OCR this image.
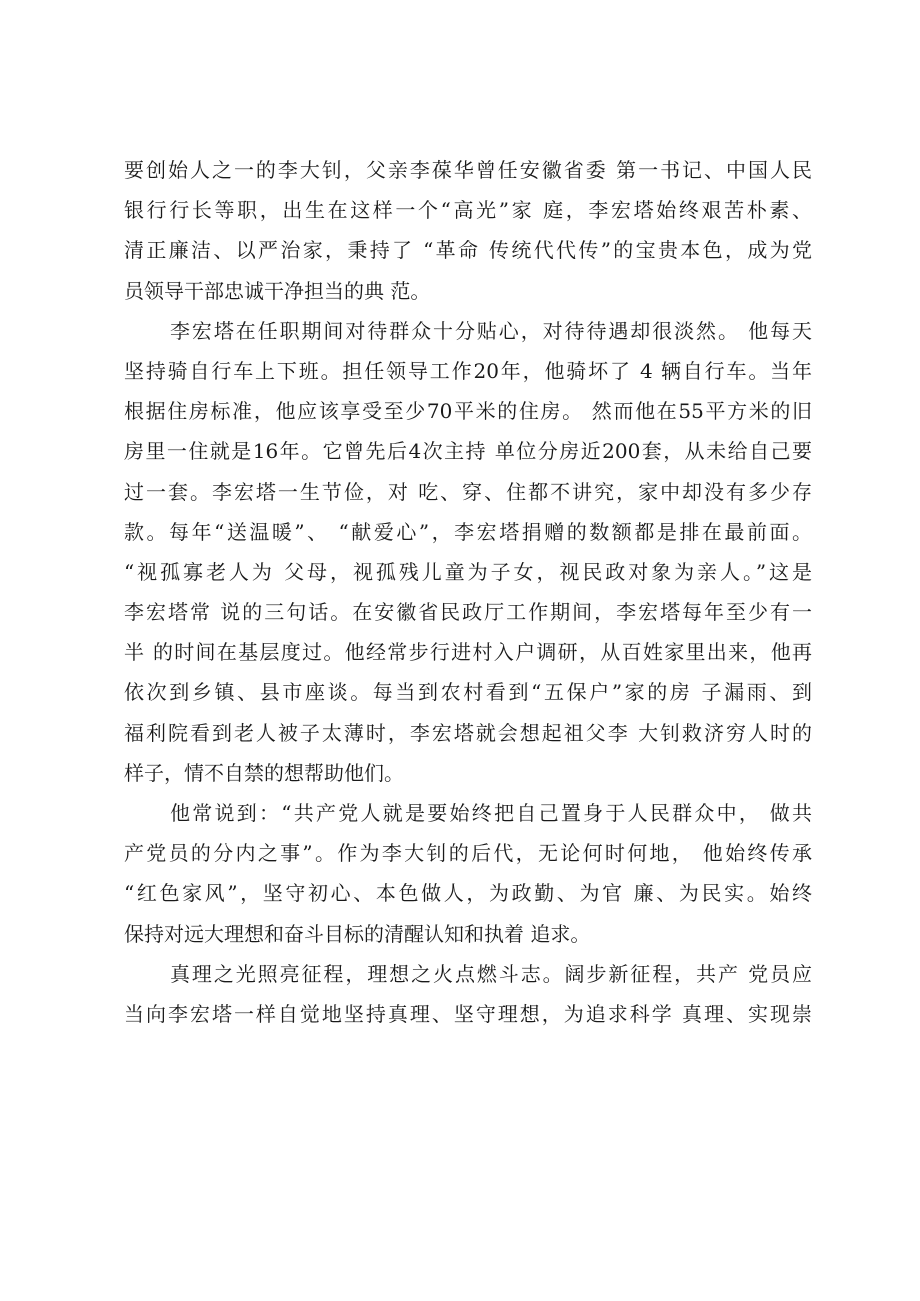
要创始人之一的李大钊，父亲李葆华曾任安徽省委 第一书记、中国人民
银行行长等职，出生在这样一个“高光”家 庭，李宏塔始终艰苦朴素、
清正廉洁、以严治家，秉持了 “革命 传统代代传”的宝贵本色，成为党
员领导干部忠诚干净担当的典 范。
李宏塔在任职期间对待群众十分贴心，对待待遇却很淡然。 他每天
坚持骑自行车上下班。担任领导工作20年，他骑坏了 4 辆自行车。当年
根据住房标准，他应该享受至少70平米的住房。 然而他在55平方米的旧
房里一住就是16年。它曾先后4次主持 单位分房近200套，从未给自己要
过一套。李宏塔一生节俭，对 吃、穿、住都不讲究，家中却没有多少存
款。每年“送温暖”、 “献爱心”，李宏塔捐赠的数额都是排在最前面。
“视孤寡老人为 父母，视孤残儿童为子女，视民政对象为亲人。”这是
李宏塔常 说的三句话。在安徽省民政厅工作期间，李宏塔每年至少有一
半 的时间在基层度过。他经常步行进村入户调研，从百姓家里出来，他再
依次到乡镇、县市座谈。每当到农村看到“五保户”家的房 子漏雨、到
福利院看到老人被子太薄时，李宏塔就会想起祖父李 大钊救济穷人时的
样子，情不自禁的想帮助他们。
他常说到：“共产党人就是要始终把自己置身于人民群众中， 做共
产党员的分内之事”。作为李大钊的后代，无论何时何地， 他始终传承
“红色家风”，坚守初心、本色做人，为政勤、为官 廉、为民实。始终
保持对远大理想和奋斗目标的清醒认知和执着 追求。
真理之光照亮征程，理想之火点燃斗志。阔步新征程，共产 党员应
当向李宏塔一样自觉地坚持真理、坚守理想，为追求科学 真理、实现崇
